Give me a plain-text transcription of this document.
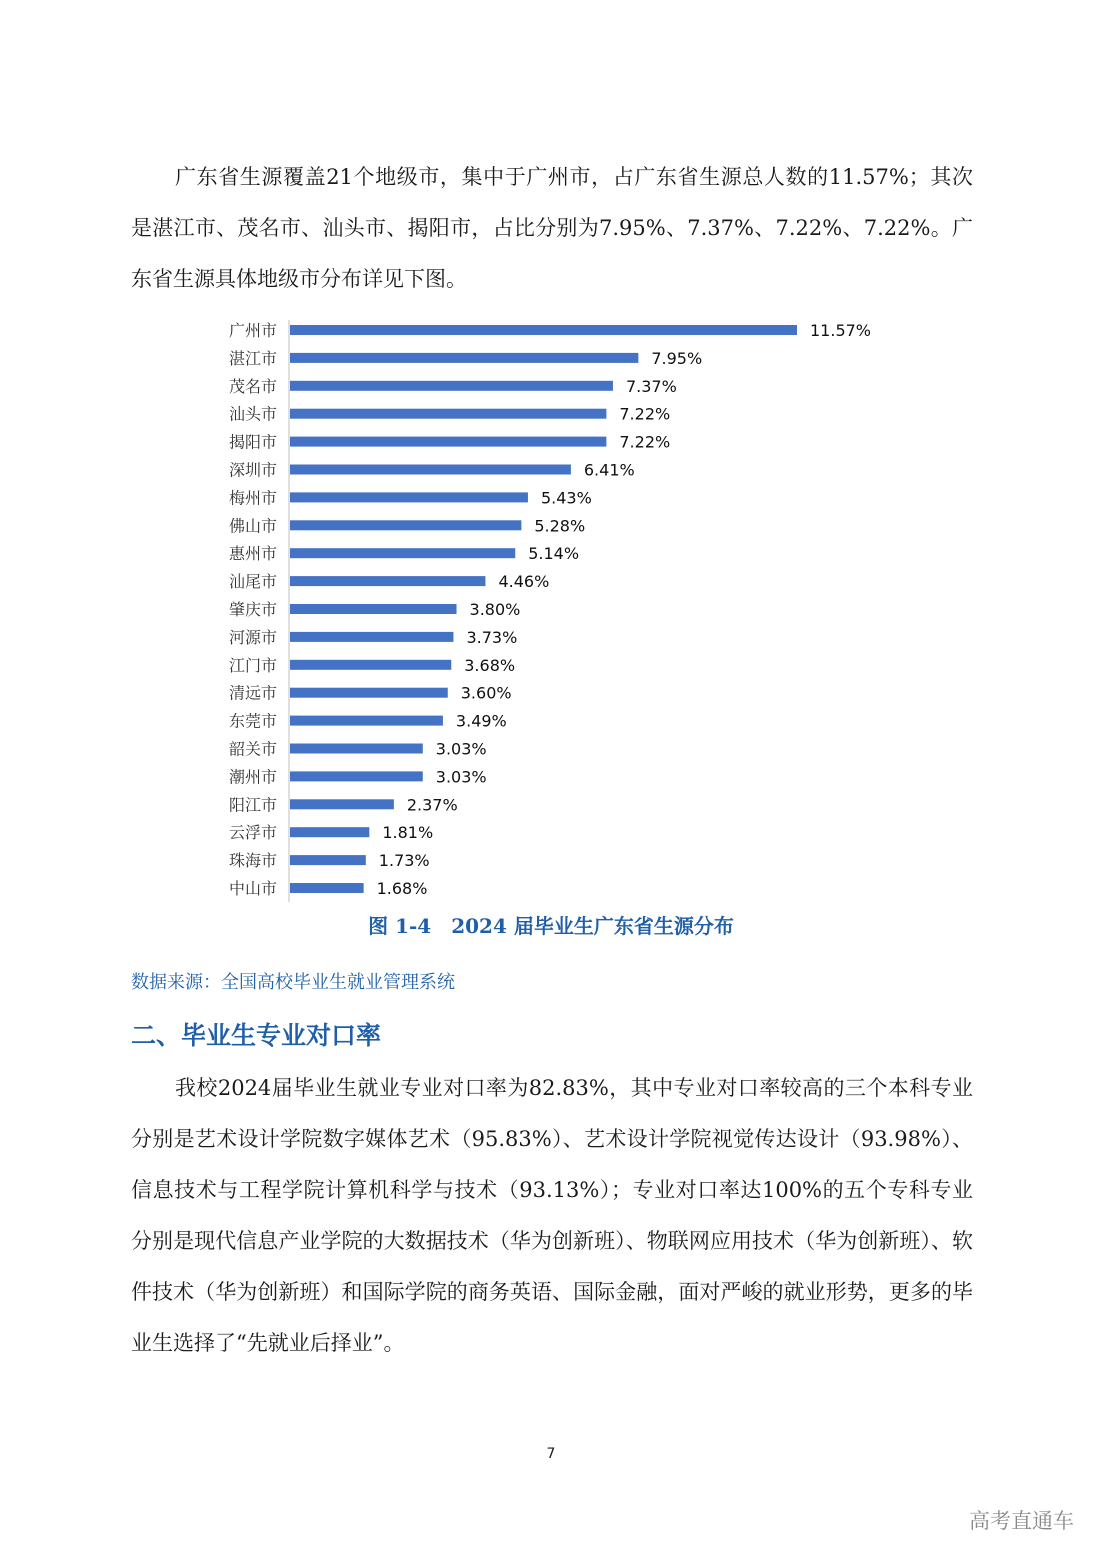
广东省生源覆盖21个地级市，集中于广州市，占广东省生源总人数的11.57%；其次是湛江市、茂名市、汕头市、揭阳市，占比分别为7.95%、7.37%、7.22%、7.22%。广东省生源具体地级市分布详见下图。

广州市	11.57%
湛江市	7.95%
茂名市	7.37%
汕头市	7.22%
揭阳市	7.22%
深圳市	6.41%
梅州市	5.43%
佛山市	5.28%
惠州市	5.14%
汕尾市	4.46%
肇庆市	3.80%
河源市	3.73%
江门市	3.68%
清远市	3.60%
东莞市	3.49%
韶关市	3.03%
潮州市	3.03%
阳江市	2.37%
云浮市	1.81%
珠海市	1.73%
中山市	1.68%
图 1-4　2024 届毕业生广东省生源分布
数据来源：全国高校毕业生就业管理系统
二、毕业生专业对口率

我校2024届毕业生就业专业对口率为82.83%，其中专业对口率较高的三个本科专业分别是艺术设计学院数字媒体艺术（95.83%）、艺术设计学院视觉传达设计（93.98%）、信息技术与工程学院计算机科学与技术（93.13%）；专业对口率达100%的五个专科专业分别是现代信息产业学院的大数据技术（华为创新班）、物联网应用技术（华为创新班）、软件技术（华为创新班）和国际学院的商务英语、国际金融，面对严峻的就业形势，更多的毕业生选择了“先就业后择业”。

7
高考直通车
